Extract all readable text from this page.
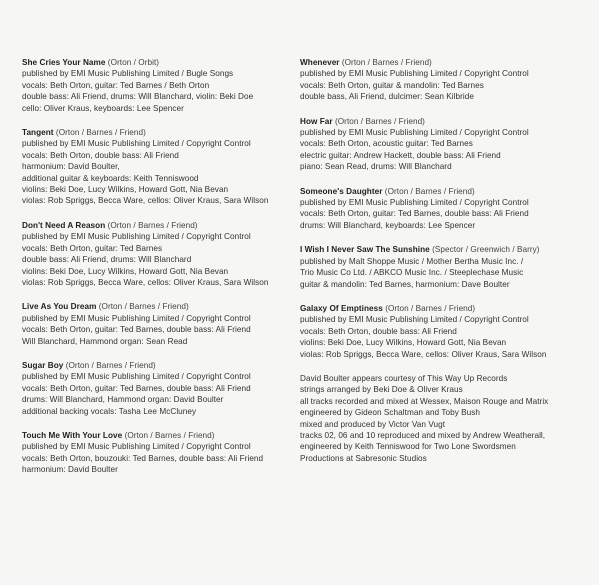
She Cries Your Name (Orton / Orbit)
published by EMI Music Publishing Limited / Bugle Songs
vocals: Beth Orton, guitar: Ted Barnes / Beth Orton
double bass: Ali Friend, drums: Will Blanchard, violin: Beki Doe
cello: Oliver Kraus, keyboards: Lee Spencer
Tangent (Orton / Barnes / Friend)
published by EMI Music Publishing Limited / Copyright Control
vocals: Beth Orton, double bass: Ali Friend
harmonium: David Boulter,
additional guitar & keyboards: Keith Tenniswood
violins: Beki Doe, Lucy Wilkins, Howard Gott, Nia Bevan
violas: Rob Spriggs, Becca Ware, cellos: Oliver Kraus, Sara Wilson
Don't Need A Reason (Orton / Barnes / Friend)
published by EMI Music Publishing Limited / Copyright Control
vocals: Beth Orton, guitar: Ted Barnes
double bass: Ali Friend, drums: Will Blanchard
violins: Beki Doe, Lucy Wilkins, Howard Gott, Nia Bevan
violas: Rob Spriggs, Becca Ware, cellos: Oliver Kraus, Sara Wilson
Live As You Dream (Orton / Barnes / Friend)
published by EMI Music Publishing Limited / Copyright Control
vocals: Beth Orton, guitar: Ted Barnes, double bass: Ali Friend
Will Blanchard, Hammond organ: Sean Read
Sugar Boy (Orton / Barnes / Friend)
published by EMI Music Publishing Limited / Copyright Control
vocals: Beth Orton, guitar: Ted Barnes, double bass: Ali Friend
drums: Will Blanchard, Hammond organ: David Boulter
additional backing vocals: Tasha Lee McCluney
Touch Me With Your Love (Orton / Barnes / Friend)
published by EMI Music Publishing Limited / Copyright Control
vocals: Beth Orton, bouzouki: Ted Barnes, double bass: Ali Friend
harmonium: David Boulter
Whenever (Orton / Barnes / Friend)
published by EMI Music Publishing Limited / Copyright Control
vocals: Beth Orton, guitar & mandolin: Ted Barnes
double bass, Ali Friend, dulcimer: Sean Kilbride
How Far (Orton / Barnes / Friend)
published by EMI Music Publishing Limited / Copyright Control
vocals: Beth Orton, acoustic guitar: Ted Barnes
electric guitar: Andrew Hackett, double bass: Ali Friend
piano: Sean Read, drums: Will Blanchard
Someone's Daughter (Orton / Barnes / Friend)
published by EMI Music Publishing Limited / Copyright Control
vocals: Beth Orton, guitar: Ted Barnes, double bass: Ali Friend
drums: Will Blanchard, keyboards: Lee Spencer
I Wish I Never Saw The Sunshine (Spector / Greenwich / Barry)
published by Malt Shoppe Music / Mother Bertha Music Inc. /
Trio Music Co Ltd. / ABKCO Music Inc. / Steeplechase Music
guitar & mandolin: Ted Barnes, harmonium: Dave Boulter
Galaxy Of Emptiness (Orton / Barnes / Friend)
published by EMI Music Publishing Limited / Copyright Control
vocals: Beth Orton, double bass: Ali Friend
violins: Beki Doe, Lucy Wilkins, Howard Gott, Nia Bevan
violas: Rob Spriggs, Becca Ware, cellos: Oliver Kraus, Sara Wilson
David Boulter appears courtesy of This Way Up Records
strings arranged by Beki Doe & Oliver Kraus
all tracks recorded and mixed at Wessex, Maison Rouge and Matrix
engineered by Gideon Schaltman and Toby Bush
mixed and produced by Victor Van Vugt
tracks 02, 06 and 10 reproduced and mixed by Andrew Weatherall,
engineered by Keith Tenniswood for Two Lone Swordsmen
Productions at Sabresonic Studios
